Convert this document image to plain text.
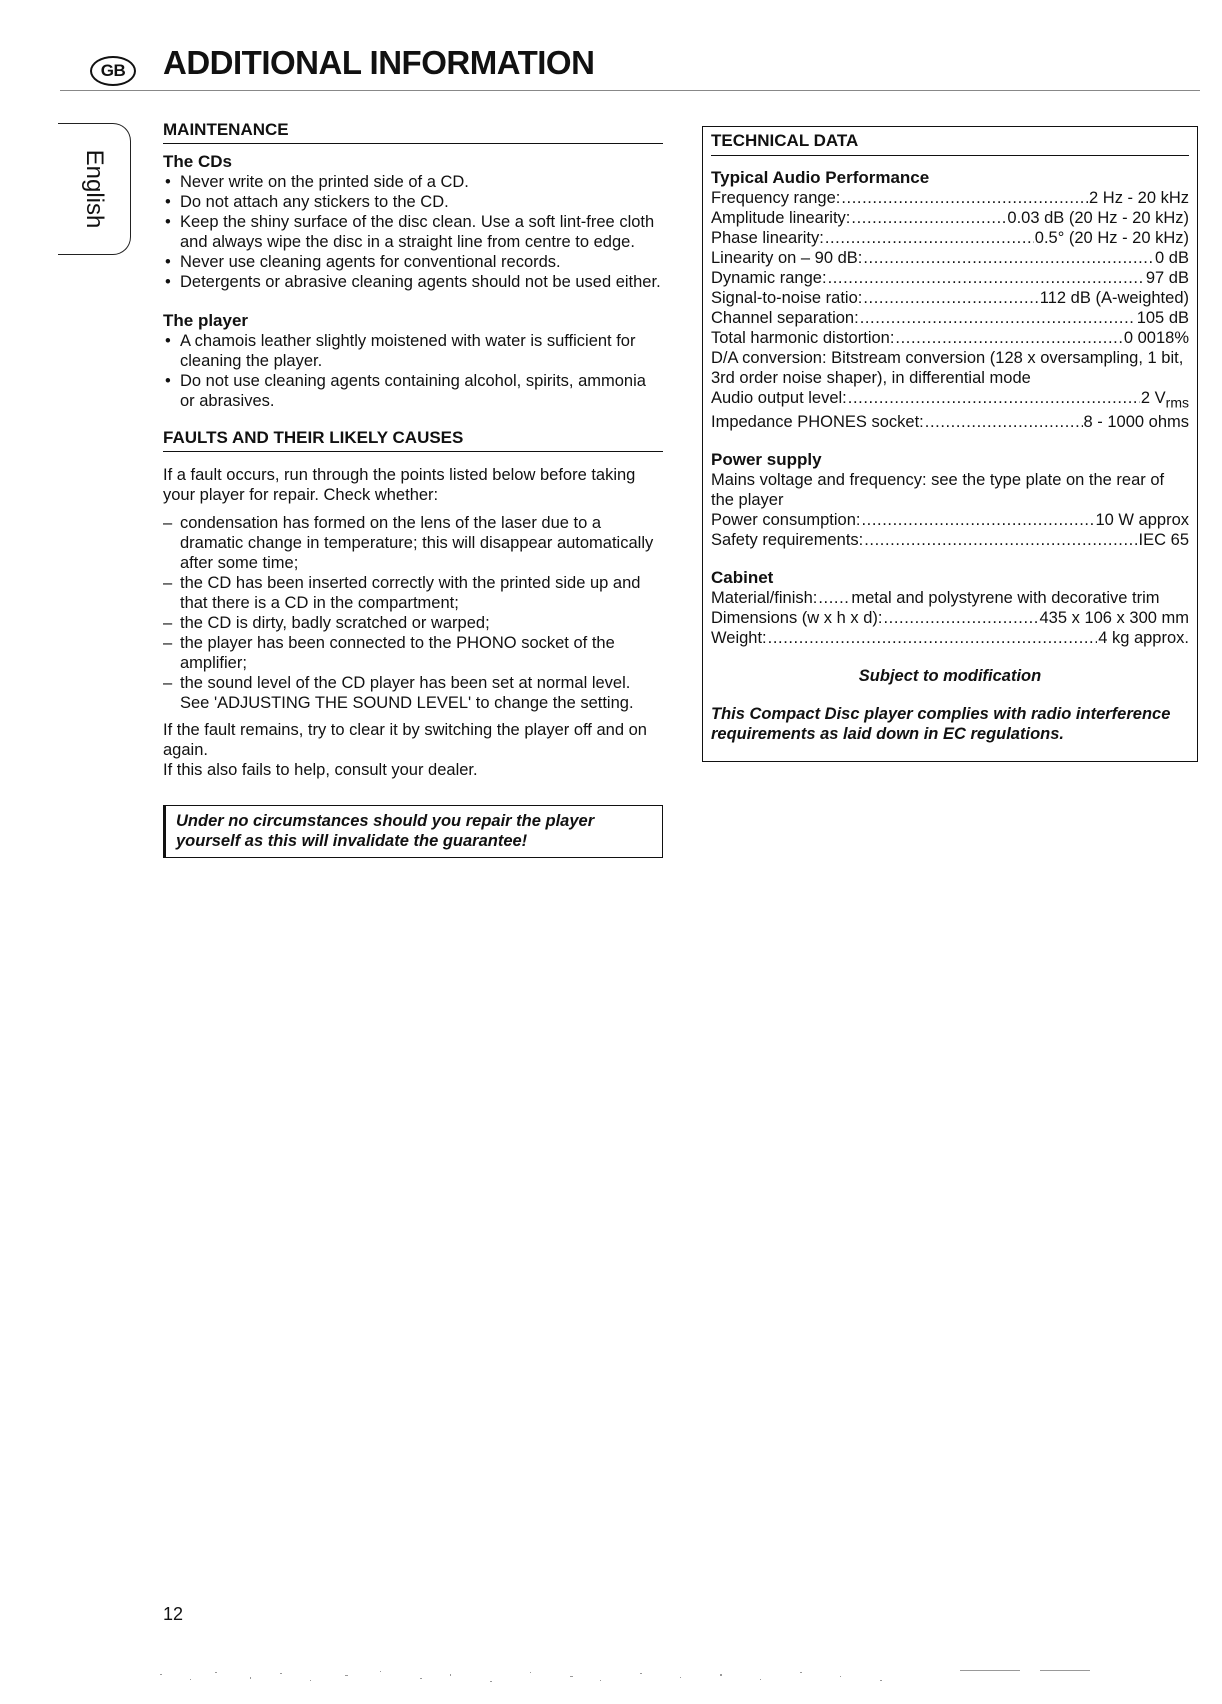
GB	ADDITIONAL INFORMATION
English
MAINTENANCE
The CDs
• Never write on the printed side of a CD.
• Do not attach any stickers to the CD.
• Keep the shiny surface of the disc clean. Use a soft lint-free cloth and always wipe the disc in a straight line from centre to edge.
• Never use cleaning agents for conventional records.
• Detergents or abrasive cleaning agents should not be used either.
The player
• A chamois leather slightly moistened with water is sufficient for cleaning the player.
• Do not use cleaning agents containing alcohol, spirits, ammonia or abrasives.
FAULTS AND THEIR LIKELY CAUSES

If a fault occurs, run through the points listed below before taking your player for repair. Check whether:

– condensation has formed on the lens of the laser due to a dramatic change in temperature; this will disappear automatically after some time;
– the CD has been inserted correctly with the printed side up and that there is a CD in the compartment;
– the CD is dirty, badly scratched or warped;
– the player has been connected to the PHONO socket of the amplifier;
– the sound level of the CD player has been set at normal level. See 'ADJUSTING THE SOUND LEVEL' to change the setting.

If the fault remains, try to clear it by switching the player off and on again.

If this also fails to help, consult your dealer.

Under no circumstances should you repair the player yourself as this will invalidate the guarantee!
TECHNICAL DATA
Typical Audio Performance
Frequency range: .....	2 Hz - 20 kHz
Amplitude linearity: .....	0.03 dB (20 Hz - 20 kHz)
Phase linearity: .....	0.5° (20 Hz - 20 kHz)
Linearity on – 90 dB: .....	0 dB
Dynamic range: .....	97 dB
Signal-to-noise ratio: .....	112 dB (A-weighted)
Channel separation: .....	105 dB
Total harmonic distortion: .....	0 0018%

D/A conversion: Bitstream conversion (128 x oversampling, 1 bit, 3rd order noise shaper), in differential mode

Audio output level: .....	2 $V_{rms}$
Impedance PHONES socket: .....	8 - 1000 ohms
Power supply

Mains voltage and frequency: see the type plate on the rear of the player

Power consumption: .....	10 W approx
Safety requirements: .....	IEC 65
Cabinet
Material/finish: ..... metal and polystyrene with decorative trim
Dimensions (w x h x d): .....	435 x 106 x 300 mm
Weight: .....	4 kg approx.

Subject to modification

This Compact Disc player complies with radio interference requirements as laid down in EC regulations.

12
